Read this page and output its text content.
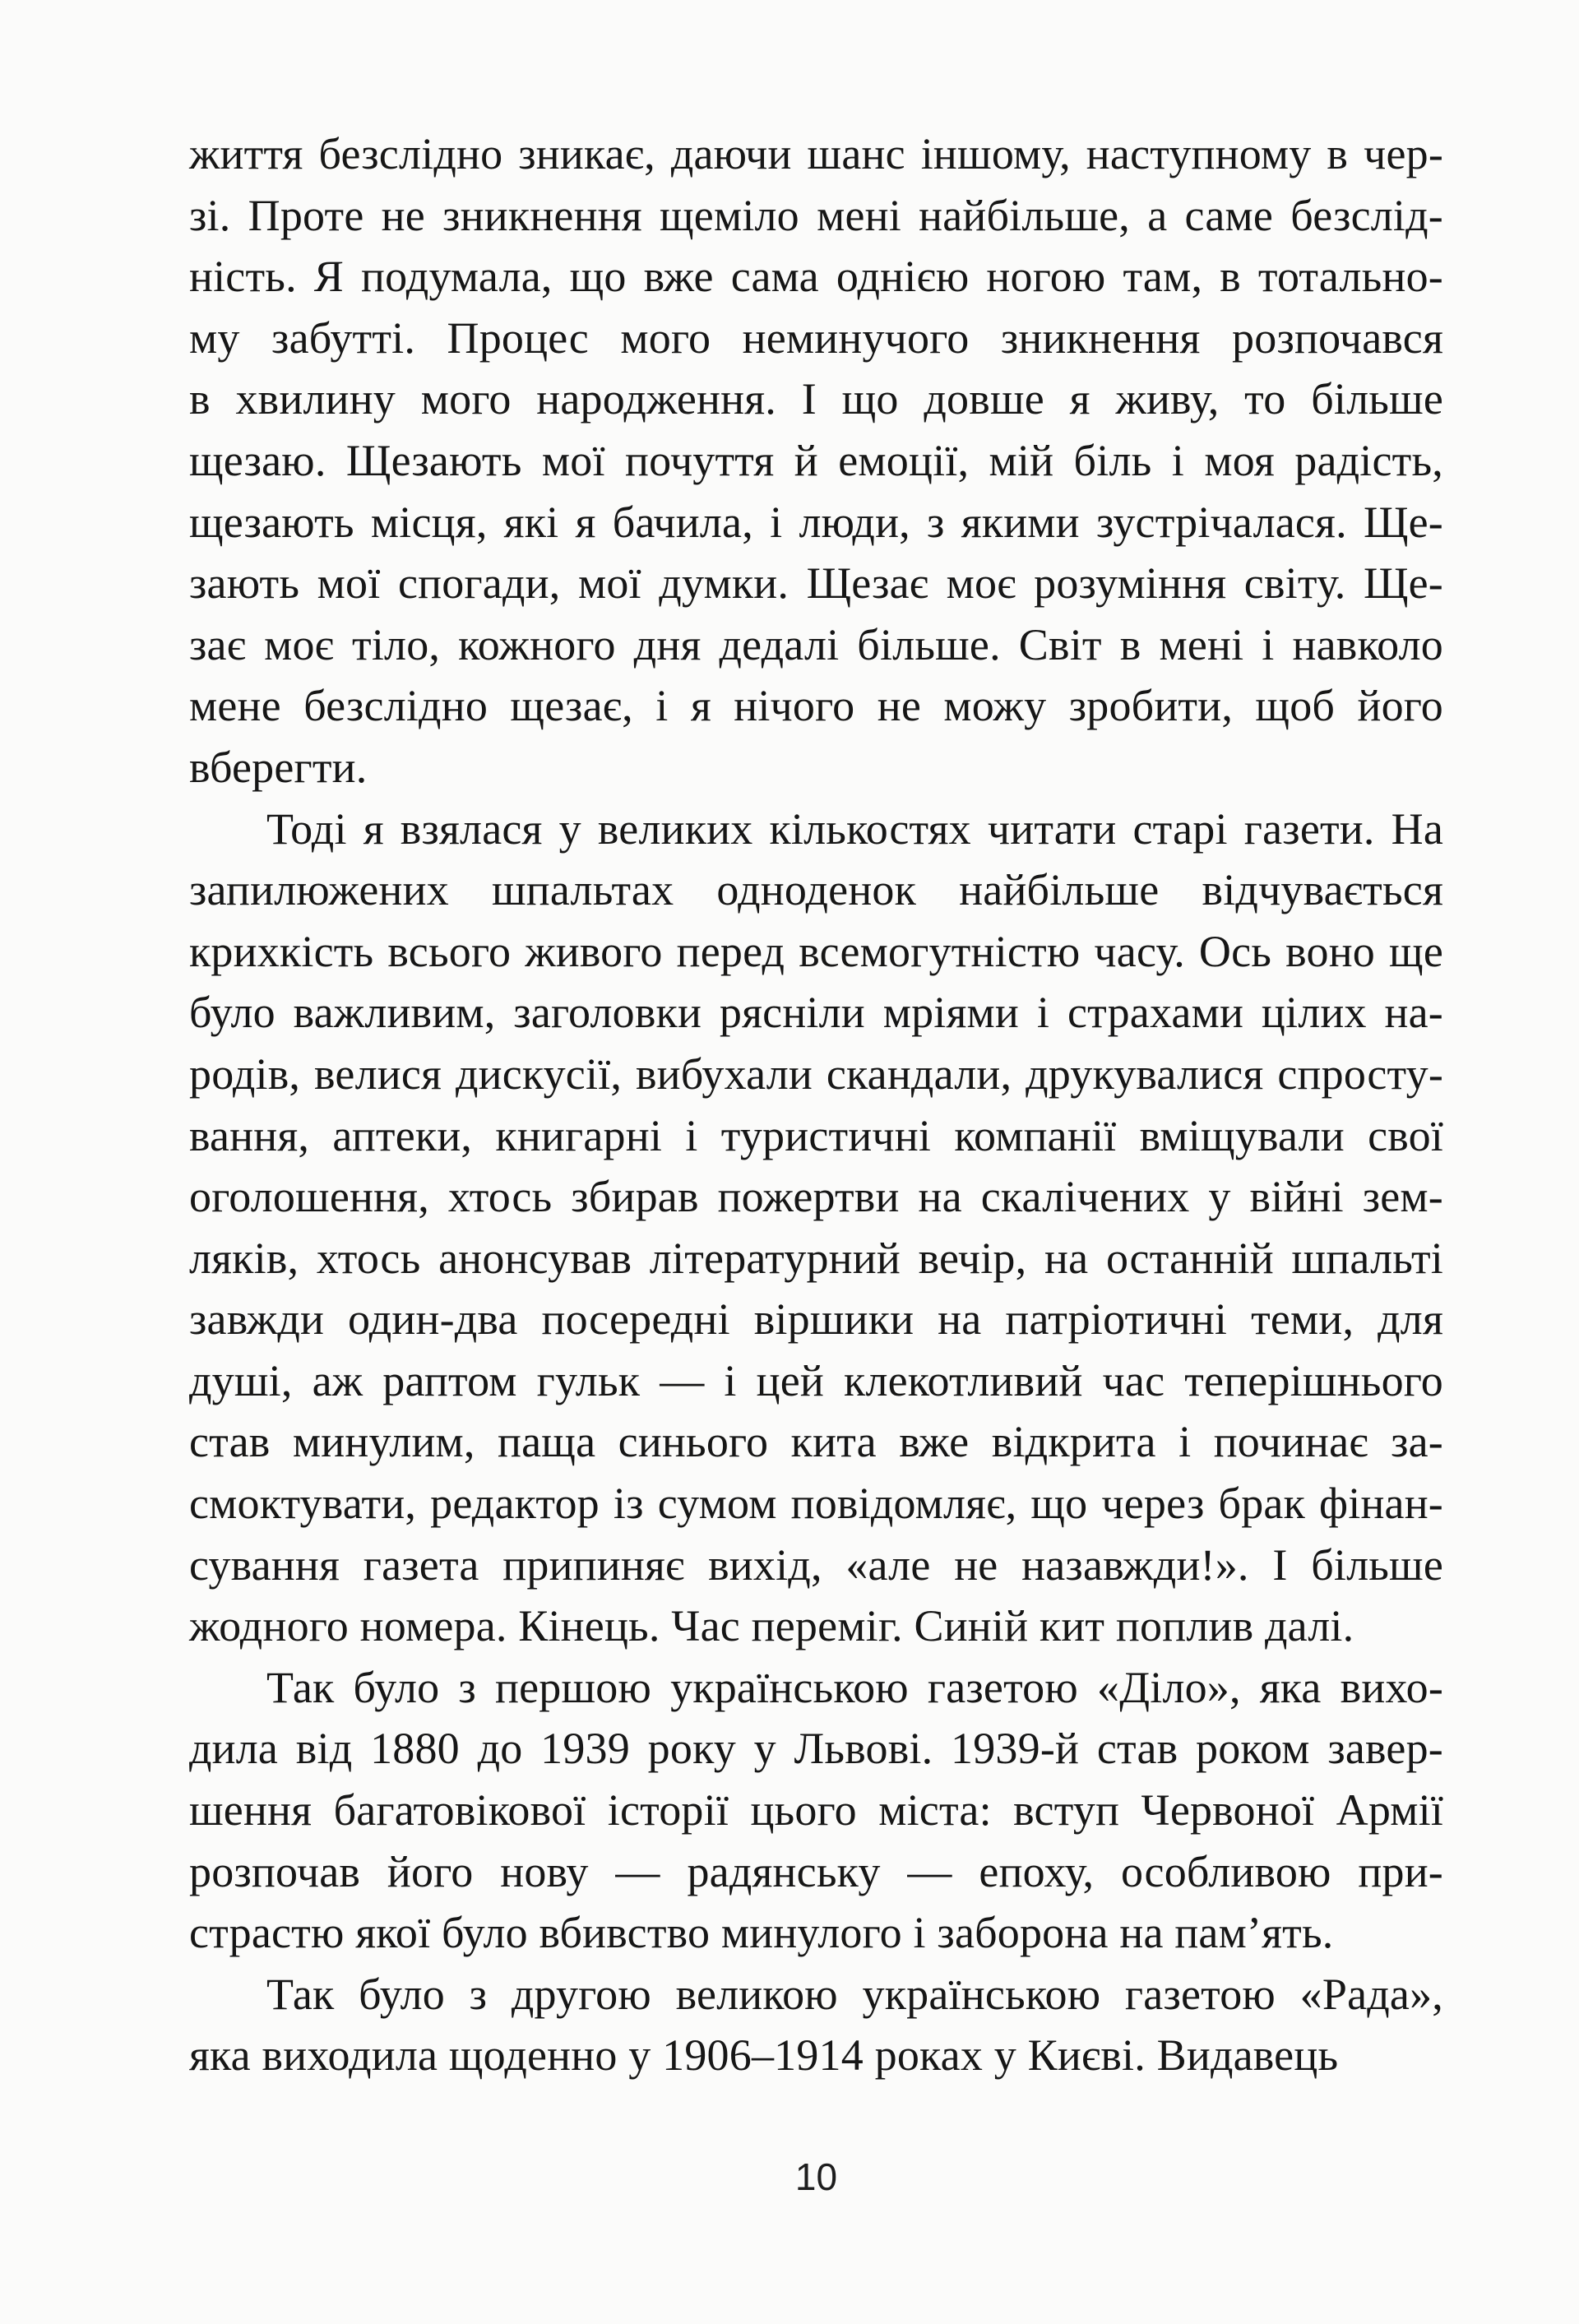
життя безслідно зникає, даючи шанс іншому, наступному в чер-
зі. Проте не зникнення щеміло мені найбільше, а саме безслід-
ність. Я подумала, що вже сама однією ногою там, в тотально-
му забутті. Процес мого неминучого зникнення розпочався
в хвилину мого народження. І що довше я живу, то більше
щезаю. Щезають мої почуття й емоції, мій біль і моя радість,
щезають місця, які я бачила, і люди, з якими зустрічалася. Ще-
зають мої спогади, мої думки. Щезає моє розуміння світу. Ще-
зає моє тіло, кожного дня дедалі більше. Світ в мені і навколо
мене безслідно щезає, і я нічого не можу зробити, щоб його
вберегти.
Тоді я взялася у великих кількостях читати старі газети. На
запилюжених шпальтах одноденок найбільше відчувається
крихкість всього живого перед всемогутністю часу. Ось воно ще
було важливим, заголовки рясніли мріями і страхами цілих на-
родів, велися дискусії, вибухали скандали, друкувалися спросту-
вання, аптеки, книгарні і туристичні компанії вміщували свої
оголошення, хтось збирав пожертви на скалічених у війні зем-
ляків, хтось анонсував літературний вечір, на останній шпальті
завжди один-два посередні віршики на патріотичні теми, для
душі, аж раптом гульк — і цей клекотливий час теперішнього
став минулим, паща синього кита вже відкрита і починає за-
смоктувати, редактор із сумом повідомляє, що через брак фінан-
сування газета припиняє вихід, «але не назавжди!». І більше
жодного номера. Кінець. Час переміг. Синій кит поплив далі.
Так було з першою українською газетою «Діло», яка вихо-
дила від 1880 до 1939 року у Львові. 1939-й став роком завер-
шення багатовікової історії цього міста: вступ Червоної Армії
розпочав його нову — радянську — епоху, особливою при-
страстю якої було вбивство минулого і заборона на пам’ять.
Так було з другою великою українською газетою «Рада»,
яка виходила щоденно у 1906–1914 роках у Києві. Видавець
10
